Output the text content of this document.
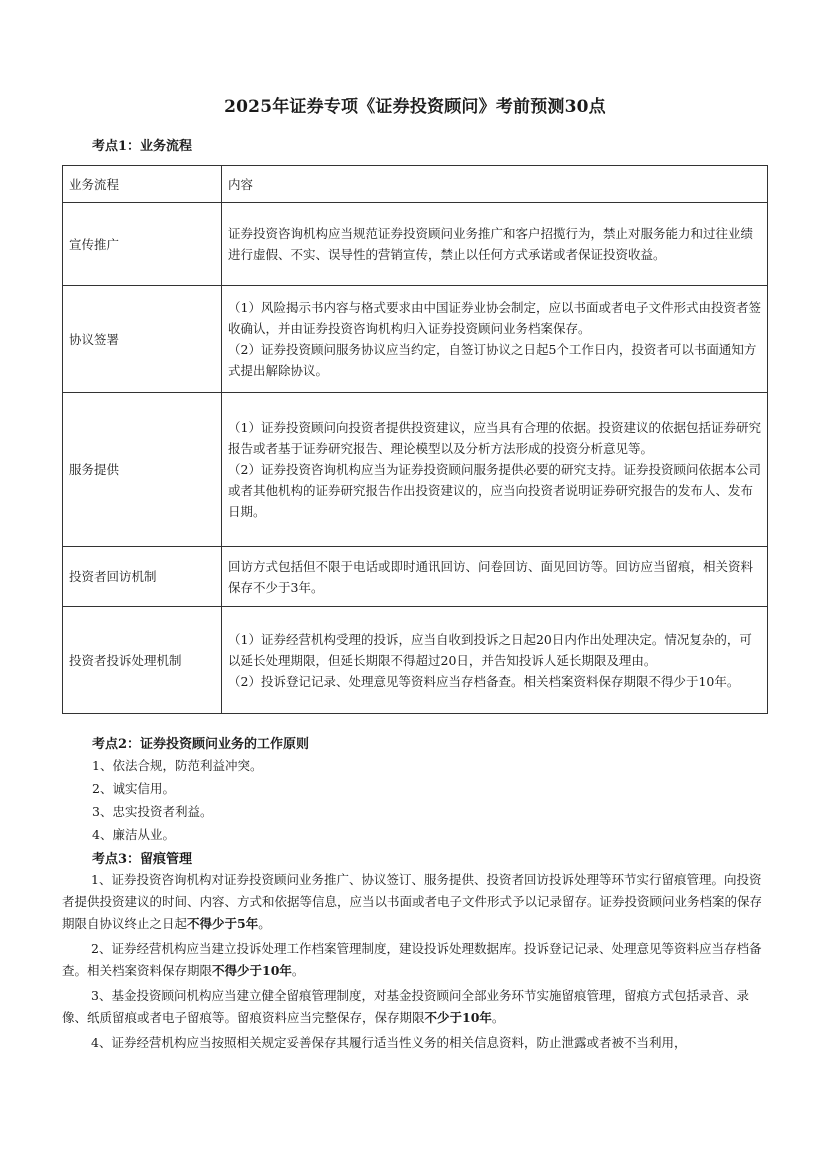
2025年证券专项《证券投资顾问》考前预测30点
考点1：业务流程
业务流程	内容
宣传推广	证券投资咨询机构应当规范证券投资顾问业务推广和客户招揽行为，禁止对服务能力和过往业绩进行虚假、不实、误导性的营销宣传，禁止以任何方式承诺或者保证投资收益。

协议签署	（1）风险揭示书内容与格式要求由中国证券业协会制定，应以书面或者电子文件形式由投资者签收确认，并由证券投资咨询机构归入证券投资顾问业务档案保存。
（2）证券投资顾问服务协议应当约定，自签订协议之日起5个工作日内，投资者可以书面通知方式提出解除协议。

服务提供	（1）证券投资顾问向投资者提供投资建议，应当具有合理的依据。投资建议的依据包括证券研究报告或者基于证券研究报告、理论模型以及分析方法形成的投资分析意见等。
（2）证券投资咨询机构应当为证券投资顾问服务提供必要的研究支持。证券投资顾问依据本公司或者其他机构的证券研究报告作出投资建议的，应当向投资者说明证券研究报告的发布人、发布日期。

投资者回访机制	回访方式包括但不限于电话或即时通讯回访、问卷回访、面见回访等。回访应当留痕，相关资料保存不少于3年。

投资者投诉处理机制	（1）证券经营机构受理的投诉，应当自收到投诉之日起20日内作出处理决定。情况复杂的，可以延长处理期限，但延长期限不得超过20日，并告知投诉人延长期限及理由。
（2）投诉登记记录、处理意见等资料应当存档备查。相关档案资料保存期限不得少于10年。
考点2：证券投资顾问业务的工作原则
1、依法合规，防范利益冲突。
2、诚实信用。
3、忠实投资者利益。
4、廉洁从业。
考点3：留痕管理
1、证券投资咨询机构对证券投资顾问业务推广、协议签订、服务提供、投资者回访投诉处理等环节实行留痕管理。向投资者提供投资建议的时间、内容、方式和依据等信息，应当以书面或者电子文件形式予以记录留存。证券投资顾问业务档案的保存期限自协议终止之日起不得少于5年。
2、证券经营机构应当建立投诉处理工作档案管理制度，建设投诉处理数据库。投诉登记记录、处理意见等资料应当存档备查。相关档案资料保存期限不得少于10年。
3、基金投资顾问机构应当建立健全留痕管理制度，对基金投资顾问全部业务环节实施留痕管理，留痕方式包括录音、录像、纸质留痕或者电子留痕等。留痕资料应当完整保存，保存期限不少于10年。
4、证券经营机构应当按照相关规定妥善保存其履行适当性义务的相关信息资料，防止泄露或者被不当利用，
